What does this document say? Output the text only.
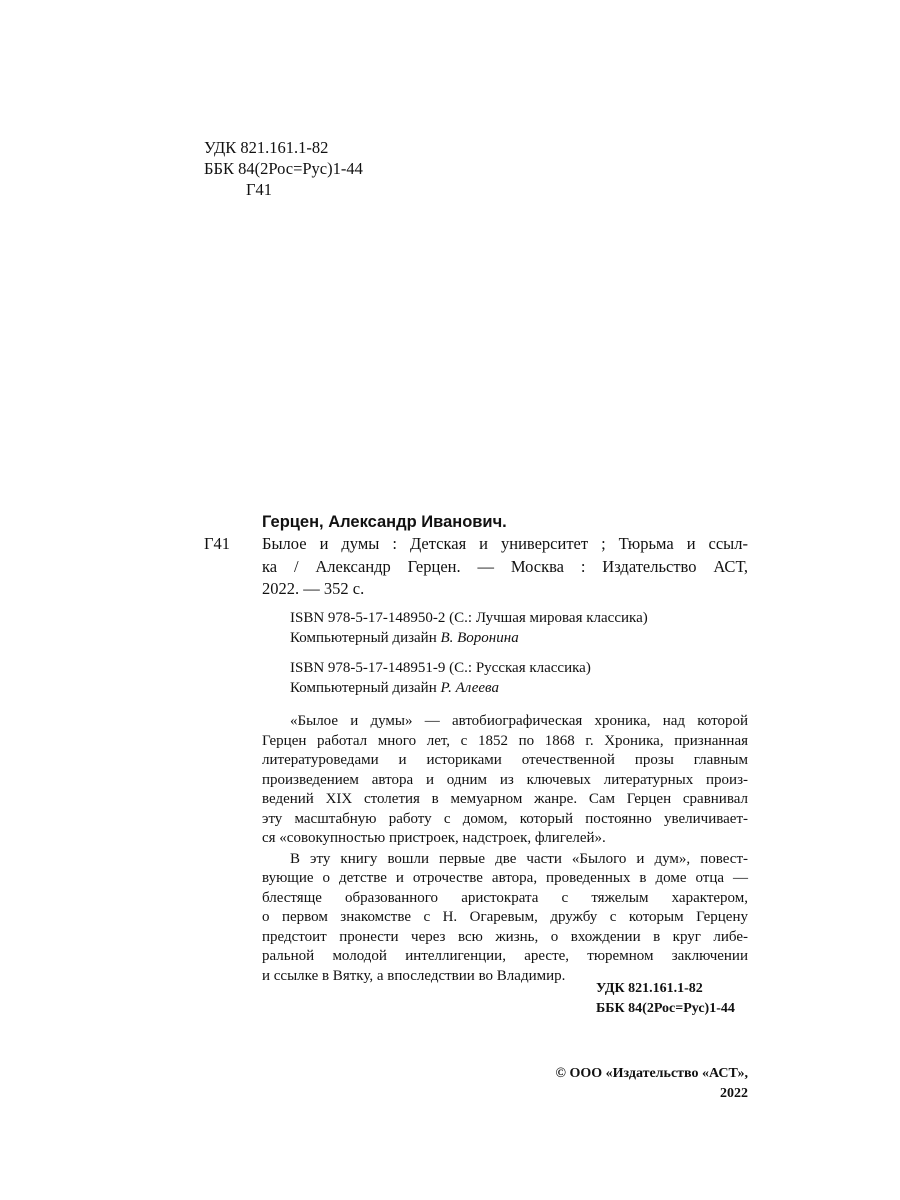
УДК 821.161.1-82
ББК 84(2Рос=Рус)1-44
Г41
Герцен, Александр Иванович.
Г41 Былое и думы : Детская и университет ; Тюрьма и ссыл-
ка / Александр Герцен. — Москва : Издательство АСТ,
2022. — 352 с.
ISBN 978-5-17-148950-2 (С.: Лучшая мировая классика)
Компьютерный дизайн В. Воронина
ISBN 978-5-17-148951-9 (С.: Русская классика)
Компьютерный дизайн Р. Алеева
«Былое и думы» — автобиографическая хроника, над которой
Герцен работал много лет, с 1852 по 1868 г. Хроника, признанная
литературоведами и историками отечественной прозы главным
произведением автора и одним из ключевых литературных произ-
ведений XIX столетия в мемуарном жанре. Сам Герцен сравнивал
эту масштабную работу с домом, который постоянно увеличивает-
ся «совокупностью пристроек, надстроек, флигелей».
В эту книгу вошли первые две части «Былого и дум», повест-
вующие о детстве и отрочестве автора, проведенных в доме отца —
блестяще образованного аристократа с тяжелым характером,
о первом знакомстве с Н. Огаревым, дружбу с которым Герцену
предстоит пронести через всю жизнь, о вхождении в круг либе-
ральной молодой интеллигенции, аресте, тюремном заключении
и ссылке в Вятку, а впоследствии во Владимир.
УДК 821.161.1-82
ББК 84(2Рос=Рус)1-44
© ООО «Издательство «АСТ», 2022
